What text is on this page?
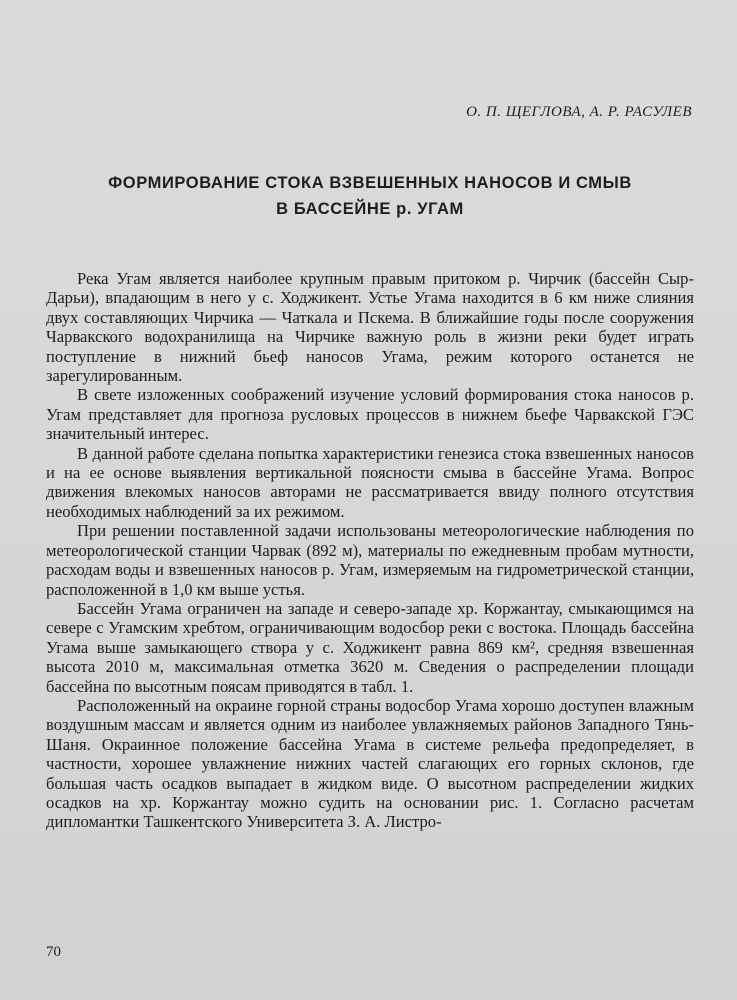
О. П. ЩЕГЛОВА, А. Р. РАСУЛЕВ
ФОРМИРОВАНИЕ СТОКА ВЗВЕШЕННЫХ НАНОСОВ И СМЫВ
В БАССЕЙНЕ р. УГАМ

Река Угам является наиболее крупным правым притоком р. Чирчик (бассейн Сыр-Дарьи), впадающим в него у с. Ходжикент. Устье Угама находится в 6 км ниже слияния двух составляющих Чирчика — Чаткала и Пскема. В ближайшие годы после сооружения Чарвакского водохранилища на Чирчике важную роль в жизни реки будет играть поступление в нижний бьеф наносов Угама, режим которого останется не зарегулированным.

В свете изложенных соображений изучение условий формирования стока наносов р. Угам представляет для прогноза русловых процессов в нижнем бьефе Чарвакской ГЭС значительный интерес.

В данной работе сделана попытка характеристики генезиса стока взвешенных наносов и на ее основе выявления вертикальной поясности смыва в бассейне Угама. Вопрос движения влекомых наносов авторами не рассматривается ввиду полного отсутствия необходимых наблюдений за их режимом.

При решении поставленной задачи использованы метеорологические наблюдения по метеорологической станции Чарвак (892 м), материалы по ежедневным пробам мутности, расходам воды и взвешенных наносов р. Угам, измеряемым на гидрометрической станции, расположенной в 1,0 км выше устья.

Бассейн Угама ограничен на западе и северо-западе хр. Коржантау, смыкающимся на севере с Угамским хребтом, ограничивающим водосбор реки с востока. Площадь бассейна Угама выше замыкающего створа у с. Ходжикент равна 869 км², средняя взвешенная высота 2010 м, максимальная отметка 3620 м. Сведения о распределении площади бассейна по высотным поясам приводятся в табл. 1.

Расположенный на окраине горной страны водосбор Угама хорошо доступен влажным воздушным массам и является одним из наиболее увлажняемых районов Западного Тянь-Шаня. Окраинное положение бассейна Угама в системе рельефа предопределяет, в частности, хорошее увлажнение нижних частей слагающих его горных склонов, где большая часть осадков выпадает в жидком виде. О высотном распределении жидких осадков на хр. Коржантау можно судить на основании рис. 1. Согласно расчетам дипломантки Ташкентского Университета З. А. Листро-

70
